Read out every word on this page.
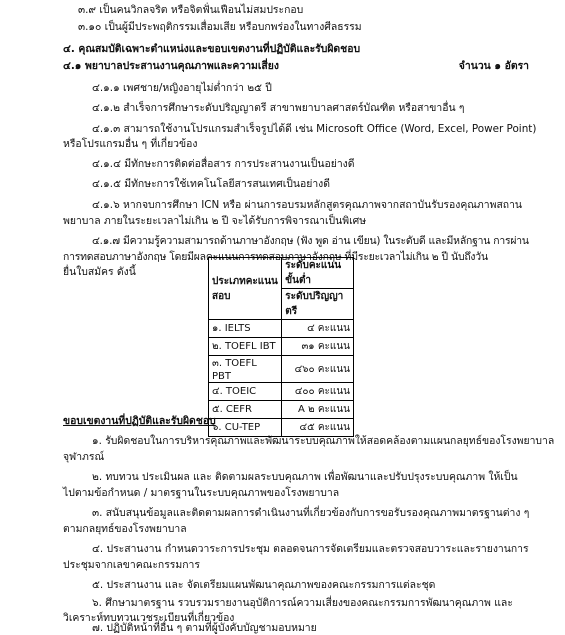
๓.๙ เป็นคนวิกลจริต หรือจิตฟั่นเฟือนไม่สมประกอบ
๓.๑๐ เป็นผู้มีประพฤติกรรมเสื่อมเสีย หรือบกพร่องในทางศีลธรรม
๔. คุณสมบัติเฉพาะตำแหน่งและขอบเขตงานที่ปฏิบัติและรับผิดชอบ
๔.๑ พยาบาลประสานงานคุณภาพและความเสี่ยง	จำนวน ๑ อัตรา
๔.๑.๑ เพศชาย/หญิงอายุไม่ต่ำกว่า ๒๕ ปี
๔.๑.๒ สำเร็จการศึกษาระดับปริญญาตรี สาขาพยาบาลศาสตร์บัณฑิต หรือสาขาอื่น ๆ
๔.๑.๓ สามารถใช้งานโปรแกรมสำเร็จรูปได้ดี เช่น Microsoft Office (Word, Excel, Power Point)
หรือโปรแกรมอื่น ๆ ที่เกี่ยวข้อง
๔.๑.๔ มีทักษะการติดต่อสื่อสาร การประสานงานเป็นอย่างดี
๔.๑.๕ มีทักษะการใช้เทคโนโลยีสารสนเทศเป็นอย่างดี
๔.๑.๖ หากจบการศึกษา ICN หรือ ผ่านการอบรมหลักสูตรคุณภาพจากสถาบันรับรองคุณภาพสถาน
พยาบาล ภายในระยะเวลาไม่เกิน ๒ ปี จะได้รับการพิจารณาเป็นพิเศษ
๔.๑.๗ มีความรู้ความสามารถด้านภาษาอังกฤษ (ฟัง พูด อ่าน เขียน) ในระดับดี และมีหลักฐาน การผ่าน
การทดสอบภาษาอังกฤษ โดยมีผลคะแนนการทดสอบภาษาอังกฤษ ที่มีระยะเวลาไม่เกิน ๒ ปี นับถึงวัน
ยื่นใบสมัคร ดังนี้
ประเภทคะแนนสอบ	ระดับคะแนนขั้นต่ำ
	ระดับปริญญาตรี
๑. IELTS	๔ คะแนน
๒. TOEFL IBT	๓๑ คะแนน
๓. TOEFL PBT	๔๖๐ คะแนน
๔. TOEIC	๔๐๐ คะแนน
๕. CEFR	A ๒ คะแนน
๖. CU-TEP	๔๕ คะแนน
ขอบเขตงานที่ปฏิบัติและรับผิดชอบ
๑. รับผิดชอบในการบริหารคุณภาพและพัฒนาระบบคุณภาพให้สอดคล้องตามแผนกลยุทธ์ของโรงพยาบาล
จุฬาภรณ์
๒. ทบทวน ประเมินผล และ ติดตามผลระบบคุณภาพ เพื่อพัฒนาและปรับปรุงระบบคุณภาพ ให้เป็น
ไปตามข้อกำหนด / มาตรฐานในระบบคุณภาพของโรงพยาบาล
๓. สนับสนุนข้อมูลและติดตามผลการดำเนินงานที่เกี่ยวข้องกับการขอรับรองคุณภาพมาตรฐานต่าง ๆ
ตามกลยุทธ์ของโรงพยาบาล
๔. ประสานงาน กำหนดวาระการประชุม ตลอดจนการจัดเตรียมและตรวจสอบวาระและรายงานการ
ประชุมจากเลขาคณะกรรมการ
๕. ประสานงาน และ จัดเตรียมแผนพัฒนาคุณภาพของคณะกรรมการแต่ละชุด
๖. ศึกษามาตรฐาน รวบรวมรายงานอุบัติการณ์ความเสี่ยงของคณะกรรมการพัฒนาคุณภาพ และ
วิเคราะห์ทบทวนเวชระเบียนที่เกี่ยวข้อง
๗. ปฏิบัติหน้าที่อื่น ๆ ตามที่ผู้บังคับบัญชามอบหมาย
